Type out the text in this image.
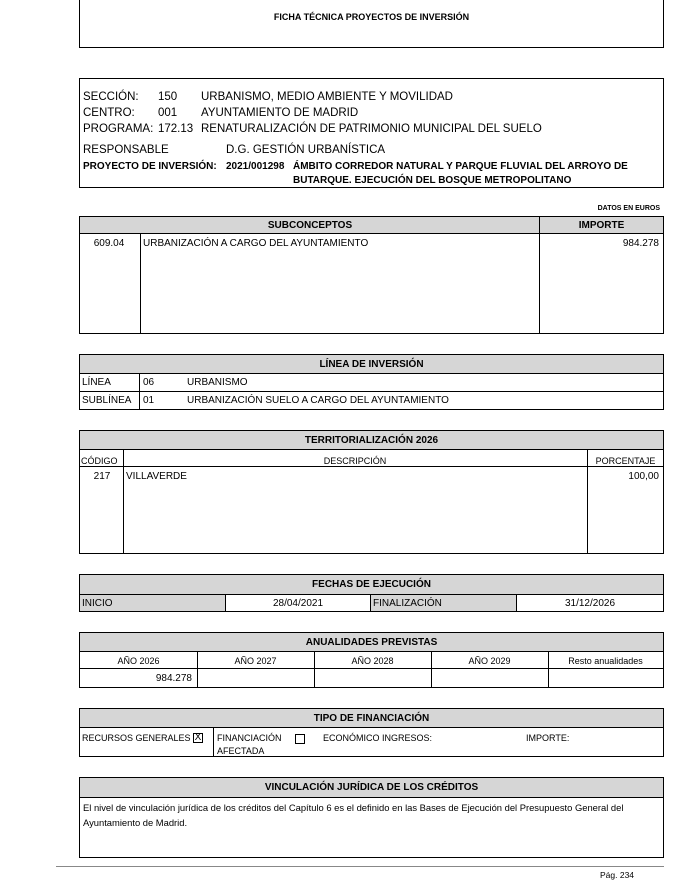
FICHA TÉCNICA PROYECTOS DE INVERSIÓN
SECCIÓN: 150 URBANISMO, MEDIO AMBIENTE Y MOVILIDAD
CENTRO: 001 AYUNTAMIENTO DE MADRID
PROGRAMA: 172.13 RENATURALIZACIÓN DE PATRIMONIO MUNICIPAL DEL SUELO
RESPONSABLE	D.G. GESTIÓN URBANÍSTICA
PROYECTO DE INVERSIÓN: 2021/001298 ÁMBITO CORREDOR NATURAL Y PARQUE FLUVIAL DEL ARROYO DE
BUTARQUE. EJECUCIÓN DEL BOSQUE METROPOLITANO
DATOS EN EUROS
SUBCONCEPTOS	IMPORTE
609.04	URBANIZACIÓN A CARGO DEL AYUNTAMIENTO	984.278
LÍNEA DE INVERSIÓN
LÍNEA	06	URBANISMO
SUBLÍNEA 01	URBANIZACIÓN SUELO A CARGO DEL AYUNTAMIENTO
TERRITORIALIZACIÓN 2026
CÓDIGO	DESCRIPCIÓN	PORCENTAJE
217	VILLAVERDE	100,00
FECHAS DE EJECUCIÓN
INICIO	28/04/2021	FINALIZACIÓN	31/12/2026
ANUALIDADES PREVISTAS
AÑO 2026	AÑO 2027	AÑO 2028	AÑO 2029	Resto anualidades
984.278
TIPO DE FINANCIACIÓN
RECURSOS GENERALES X FINANCIACIÓN
AFECTADA
ECONÓMICO INGRESOS:	IMPORTE:
VINCULACIÓN JURÍDICA DE LOS CRÉDITOS
El nivel de vinculación jurídica de los créditos del Capítulo 6 es el definido en las Bases de Ejecución del Presupuesto General del
Ayuntamiento de Madrid.
Pág. 234
